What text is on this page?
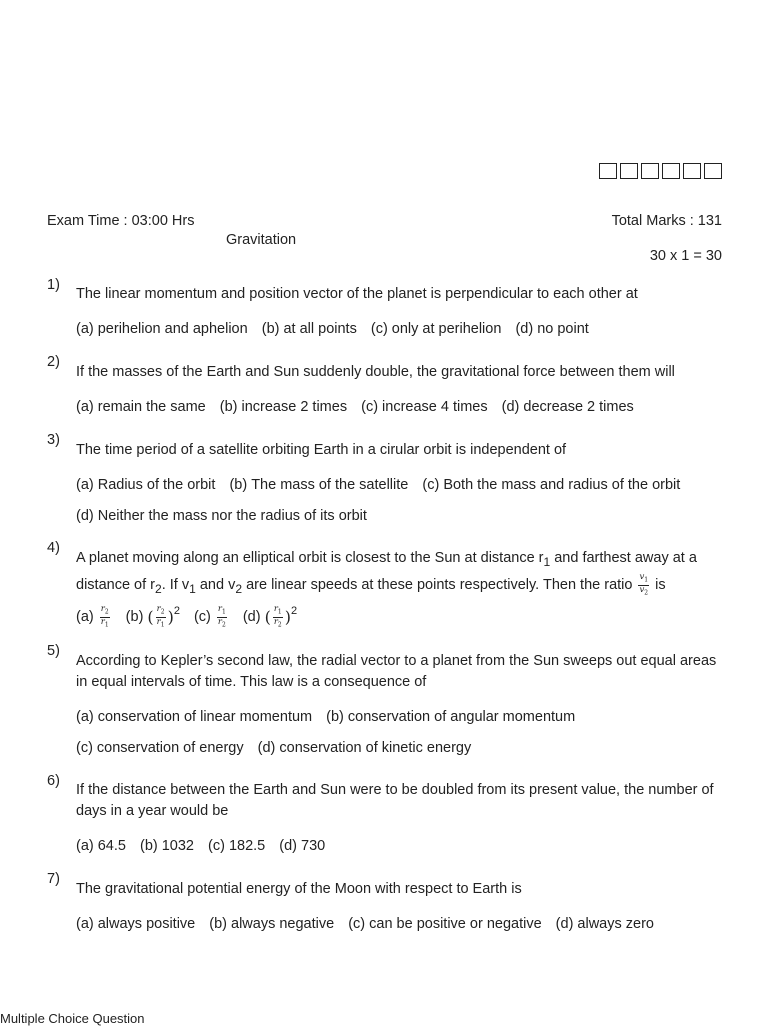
Exam Time : 03:00 Hrs	Total Marks : 131
Gravitation
30 x 1 = 30
1)
The linear momentum and position vector of the planet is perpendicular to each other at
(a) perihelion and aphelion (b) at all points (c) only at perihelion (d) no point
2)
If the masses of the Earth and Sun suddenly double, the gravitational force between them will
(a) remain the same (b) increase 2 times (c) increase 4 times (d) decrease 2 times
3)
The time period of a satellite orbiting Earth in a cirular orbit is independent of
(a) Radius of the orbit (b) The mass of the satellite (c) Both the mass and radius of the orbit
(d) Neither the mass nor the radius of its orbit
4)
A planet moving along an elliptical orbit is closest to the Sun at distance $r_1$ and farthest away at a distance of $r_2$. If $v_1$ and $v_2$ are linear speeds at these points respectively. Then the ratio $\frac{v_1}{v_2}$ is
$(a) \frac{r_2}{r_1} (b)$ ( $\frac{r_2}{r_1} )^2$ $(c) \frac{r_1}{r_2} (d)$ ( $\frac{r_1}{r_2} )^2$
5)
According to Kepler’s second law, the radial vector to a planet from the Sun sweeps out equal areas in equal intervals of time. This law is a consequence of
(a) conservation of linear momentum (b) conservation of angular momentum
(c) conservation of energy (d) conservation of kinetic energy
6)
If the distance between the Earth and Sun were to be doubled from its present value, the number of days in a year would be
(a) 64.5 (b) 1032 (c) 182.5 (d) 730
7)
The gravitational potential energy of the Moon with respect to Earth is
(a) always positive (b) always negative (c) can be positive or negative (d) always zero
Multiple Choice Question
